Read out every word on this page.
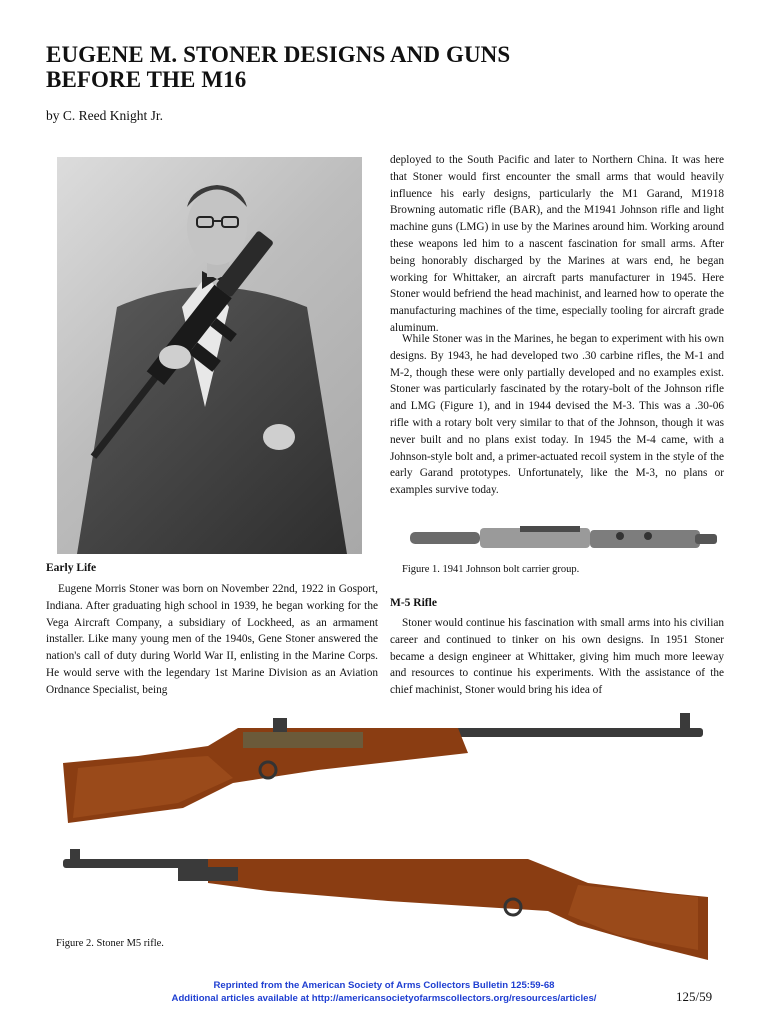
EUGENE M. STONER DESIGNS AND GUNS
BEFORE THE M16
by C. Reed Knight Jr.
Early Life

Eugene Morris Stoner was born on November 22nd, 1922 in Gosport, Indiana. After graduating high school in 1939, he began working for the Vega Aircraft Company, a subsidiary of Lockheed, as an armament installer. Like many young men of the 1940s, Gene Stoner answered the nation's call of duty during World War II, enlisting in the Marine Corps. He would serve with the legendary 1st Marine Division as an Aviation Ordnance Specialist, being

deployed to the South Pacific and later to Northern China. It was here that Stoner would first encounter the small arms that would heavily influence his early designs, particularly the M1 Garand, M1918 Browning automatic rifle (BAR), and the M1941 Johnson rifle and light machine guns (LMG) in use by the Marines around him. Working around these weapons led him to a nascent fascination for small arms. After being honorably discharged by the Marines at wars end, he began working for Whittaker, an aircraft parts manufacturer in 1945. Here Stoner would befriend the head machinist, and learned how to operate the manufacturing machines of the time, especially tooling for aircraft grade aluminum.

While Stoner was in the Marines, he began to experiment with his own designs. By 1943, he had developed two .30 carbine rifles, the M-1 and M-2, though these were only partially developed and no examples exist. Stoner was particularly fascinated by the rotary-bolt of the Johnson rifle and LMG (Figure 1), and in 1944 devised the M-3. This was a .30-06 rifle with a rotary bolt very similar to that of the Johnson, though it was never built and no plans exist today. In 1945 the M-4 came, with a Johnson-style bolt and, a primer-actuated recoil system in the style of the early Garand prototypes. Unfortunately, like the M-3, no plans or examples survive today.

Figure 1. 1941 Johnson bolt carrier group.
M-5 Rifle

Stoner would continue his fascination with small arms into his civilian career and continued to tinker on his own designs. In 1951 Stoner became a design engineer at Whittaker, giving him much more leeway and resources to continue his experiments. With the assistance of the chief machinist, Stoner would bring his idea of

Figure 2. Stoner M5 rifle.
Reprinted from the American Society of Arms Collectors Bulletin 125:59-68
Additional articles available at http://americansocietyofarmscollectors.org/resources/articles/	125/59
